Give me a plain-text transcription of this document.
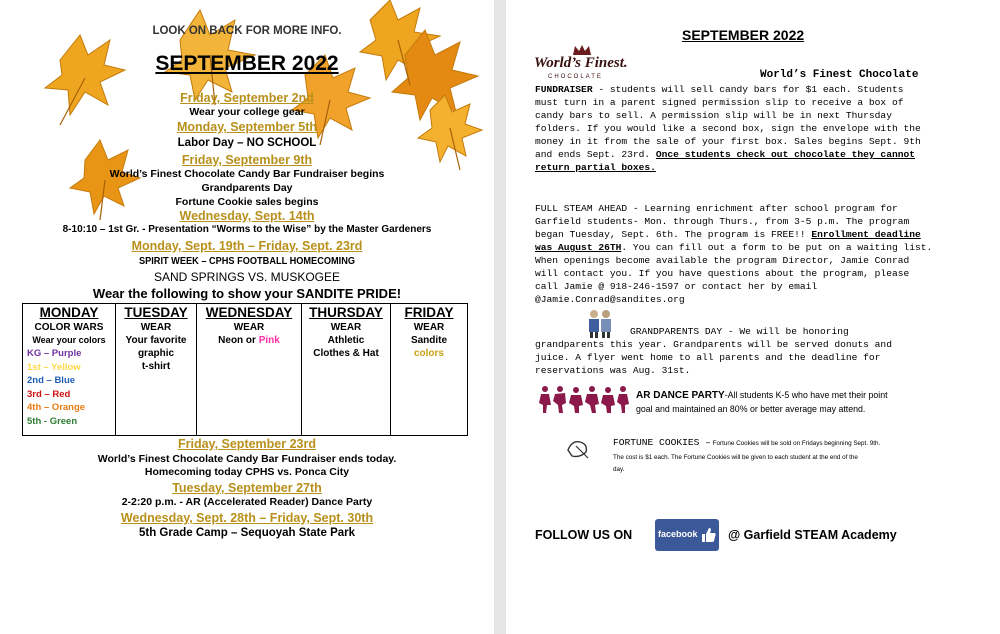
LOOK ON BACK FOR MORE INFO.
SEPTEMBER 2022
Friday, September 2nd
Wear your college gear
Monday, September 5th
Labor Day – NO SCHOOL
Friday, September 9th
World’s Finest Chocolate Candy Bar Fundraiser begins
Grandparents Day
Fortune Cookie sales begins
Wednesday, Sept. 14th
8-10:10 – 1st Gr. - Presentation “Worms to the Wise” by the Master Gardeners
Monday, Sept. 19th – Friday, Sept. 23rd
SPIRIT WEEK – CPHS FOOTBALL HOMECOMING
SAND SPRINGS VS. MUSKOGEE
Wear the following to show your SANDITE PRIDE!
MONDAY
COLOR WARS
Wear your colors
KG – Purple
1st – Yellow
2nd – Blue
3rd – Red
4th – Orange
5th - Green

TUESDAY
WEAR
Your favorite
graphic
t-shirt

WEDNESDAY
WEAR
Neon or Pink

THURSDAY
WEAR
Athletic
Clothes & Hat

FRIDAY
WEAR
Sandite
colors
Friday, September 23rd
World’s Finest Chocolate Candy Bar Fundraiser ends today.
Homecoming today CPHS vs. Ponca City
Tuesday, September 27th
2-2:20 p.m. - AR (Accelerated Reader) Dance Party
Wednesday, Sept. 28th – Friday, Sept. 30th
5th Grade Camp – Sequoyah State Park
SEPTEMBER 2022
World’s Finest.
CHOCOLATE	World’s Finest Chocolate
FUNDRAISER - students will sell candy bars for $1 each. Students
must turn in a parent signed permission slip to receive a box of
candy bars to sell. A permission slip will be in next Thursday
folders. If you would like a second box, sign the envelope with the
money in it from the sale of your first box. Sales begins Sept. 9th
and ends Sept. 23rd. Once students check out chocolate they cannot
return partial boxes.
FULL STEAM AHEAD - Learning enrichment after school program for
Garfield students- Mon. through Thurs., from 3-5 p.m. The program
began Tuesday, Sept. 6th. The program is FREE!! Enrollment deadline
was August 26TH. You can fill out a form to be put on a waiting list.
When openings become available the program Director, Jamie Conrad
will contact you. If you have questions about the program, please
call Jamie @ 918-246-1597 or contact her by email
@Jamie.Conrad@sandites.org
GRANDPARENTS DAY - We will be honoring
grandparents this year. Grandparents will be served donuts and
juice. A flyer went home to all parents and the deadline for
reservations was Aug. 31st.
AR DANCE PARTY-All students K-5 who have met their point
goal and maintained an 80% or better average may attend.
FORTUNE COOKIES – Fortune Cookies will be sold on Fridays beginning Sept. 9th.
The cost is $1 each. The Fortune Cookies will be given to each student at the end of the
day.
FOLLOW US ON	facebook @ Garfield STEAM Academy
